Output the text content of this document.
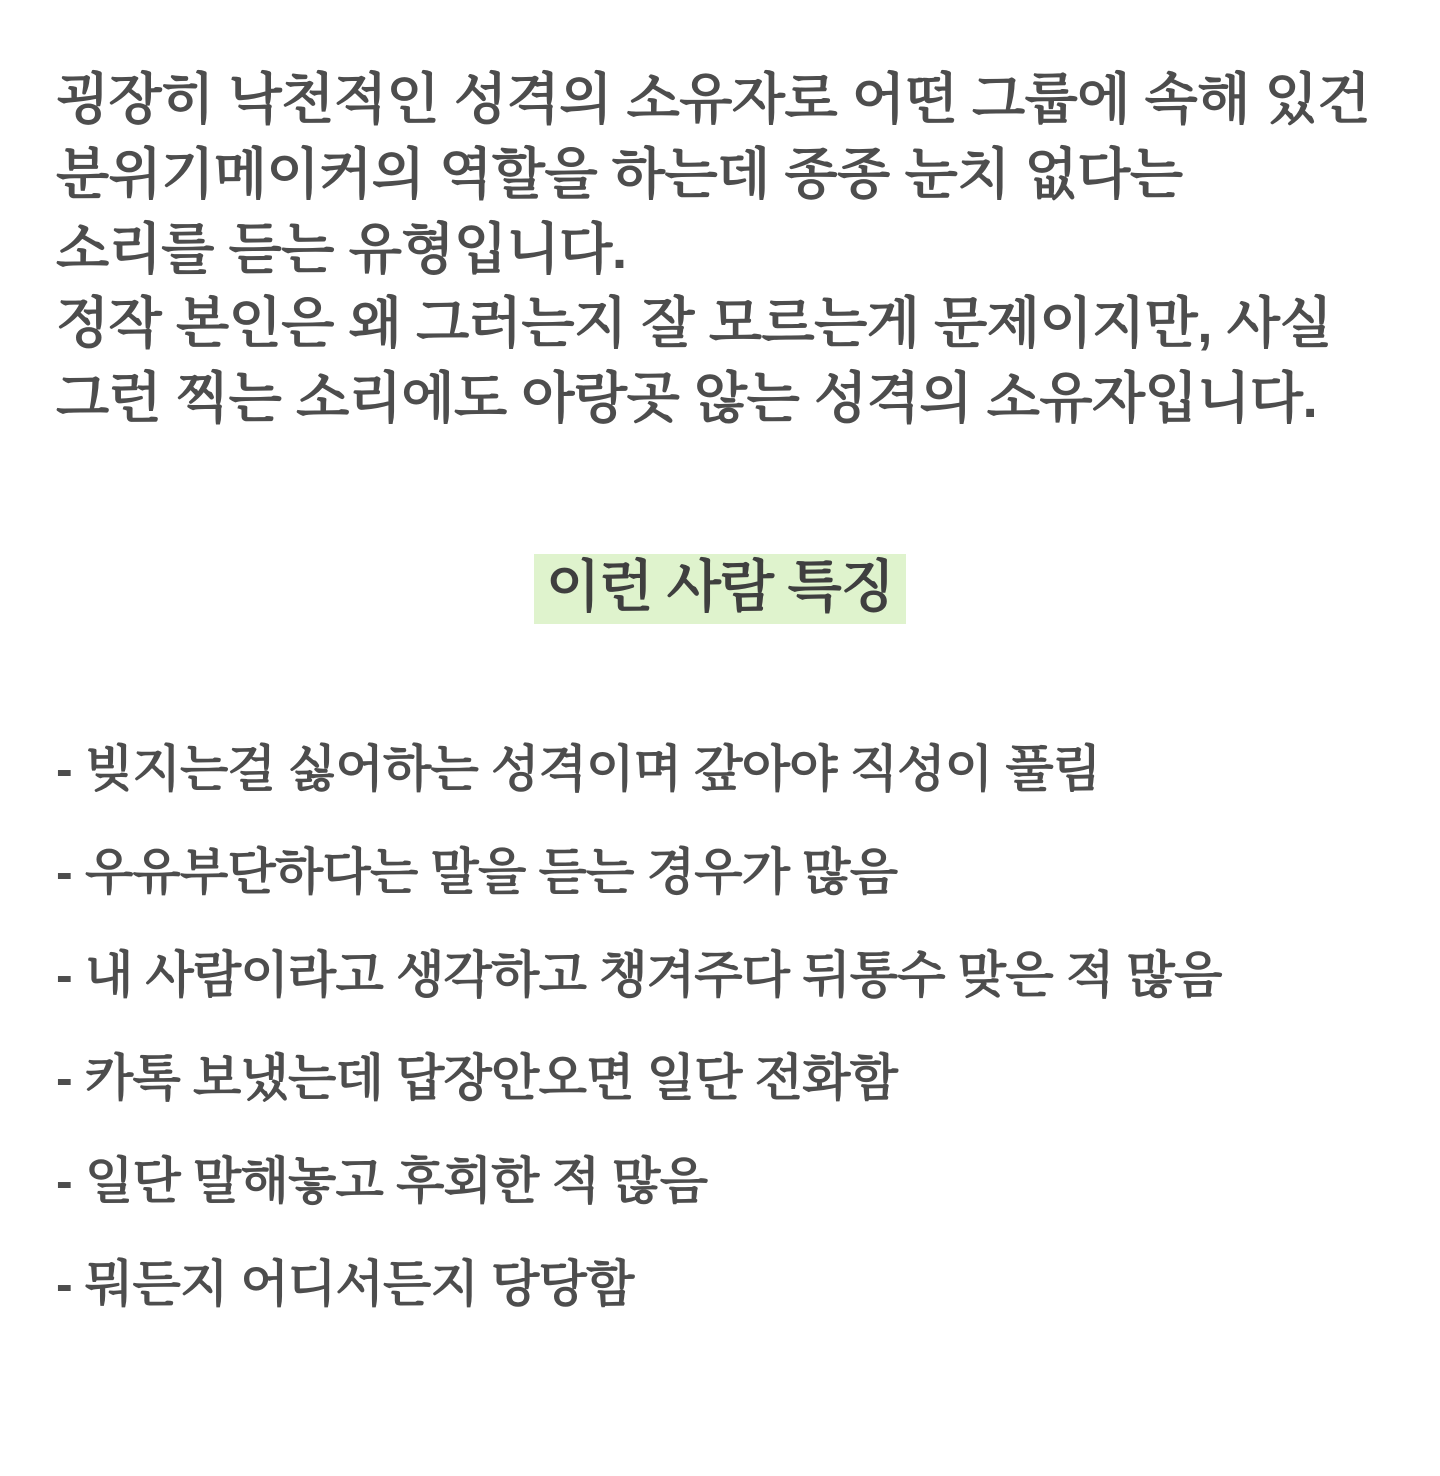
굉장히 낙천적인 성격의 소유자로 어떤 그룹에 속해 있건

분위기메이커의 역할을 하는데 종종 눈치 없다는

소리를 듣는 유형입니다.

정작 본인은 왜 그러는지 잘 모르는게 문제이지만, 사실

그런 찍는 소리에도 아랑곳 않는 성격의 소유자입니다.

이런 사람 특징
- 빚지는걸 싫어하는 성격이며 갚아야 직성이 풀림
- 우유부단하다는 말을 듣는 경우가 많음
- 내 사람이라고 생각하고 챙겨주다 뒤통수 맞은 적 많음
- 카톡 보냈는데 답장안오면 일단 전화함
- 일단 말해놓고 후회한 적 많음
- 뭐든지 어디서든지 당당함
